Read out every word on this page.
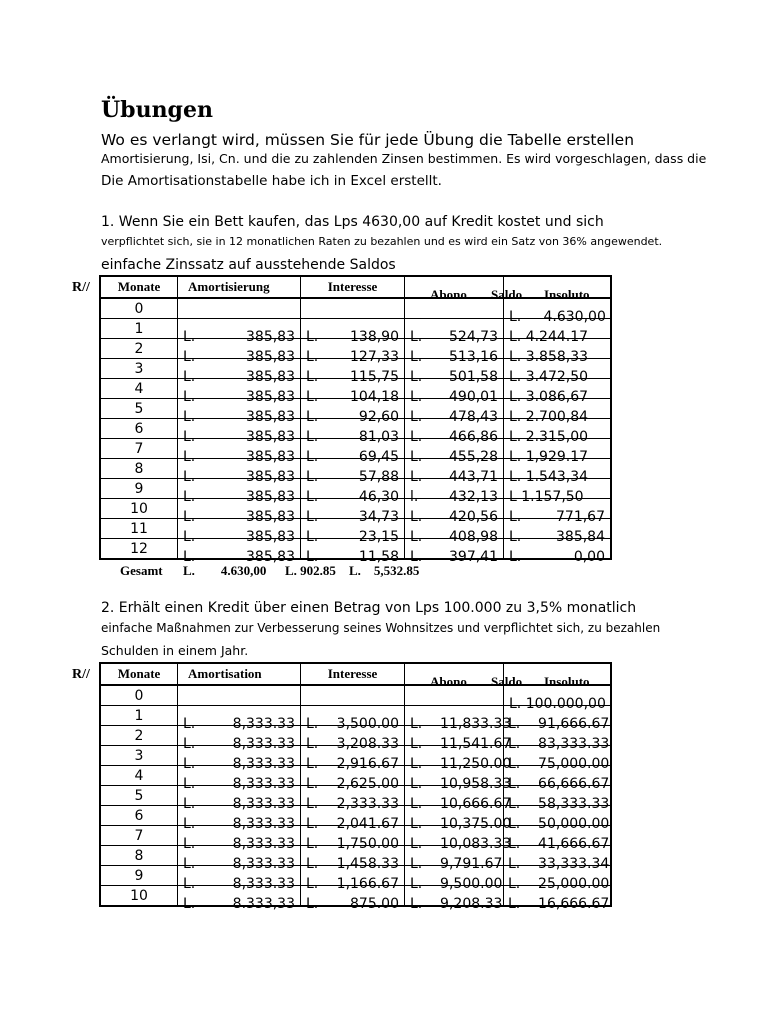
Übungen
Wo es verlangt wird, müssen Sie für jede Übung die Tabelle erstellen
Amortisierung, Isi, Cn. und die zu zahlenden Zinsen bestimmen. Es wird vorgeschlagen, dass die
Die Amortisationstabelle habe ich in Excel erstellt.
1. Wenn Sie ein Bett kaufen, das Lps 4630,00 auf Kredit kostet und sich
verpflichtet sich, sie in 12 monatlichen Raten zu bezahlen und es wird ein Satz von 36% angewendet.
einfache Zinssatz auf ausstehende Saldos
R// Monate	Amortisierung	Interesse	Abono Saldo	Insoluto

0				L.     4.630,00

1	L. 385,83	L. 138,90	L. 524,73	L. 4.244.17

2	L. 385,83	L. 127,33	L. 513,16	L. 3.858,33

3	L. 385,83	L. 115,75	L. 501,58	L. 3.472,50

4	L. 385,83	L. 104,18	L. 490,01	L. 3.086,67

5	L. 385,83	L. 92,60	L. 478,43	L. 2.700,84

6	L. 385,83	L. 81,03	L. 466,86	L. 2.315,00

7	L. 385,83	L. 69,45	L. 455,28	L. 1,929.17

8	L. 385,83	L. 57,88	L. 443,71	L. 1.543,34

9	L. 385,83	L. 46,30	l. 432,13	L 1.157,50

10	L. 385,83	L. 34,73	L. 420,56	L. 771,67

11	L. 385,83	L. 23,15	L. 408,98	L. 385,84

12	L. 385,83	L. 11,58	L. 397,41	L. 0,00
Gesamt L.        4.630,00 L. 902.85 L.    5,532.85
2. Erhält einen Kredit über einen Betrag von Lps 100.000 zu 3,5% monatlich
einfache Maßnahmen zur Verbesserung seines Wohnsitzes und verpflichtet sich, zu bezahlen
Schulden in einem Jahr.
R// Monate	Amortisation	Interesse	Abono Saldo	Insoluto

0				L. 100.000,00

1	L. 8,333.33	L. 3,500.00	L.    11,833.33	L.    91,666.67

2	L. 8,333.33	L. 3,208.33	L.    11,541.67	L.    83,333.33

3	L. 8,333.33	L. 2,916.67	L.    11,250.00	L.    75,000.00

4	L. 8,333.33	L. 2,625.00	L.    10,958.33	L.    66,666.67

5	L. 8,333.33	L. 2,333.33	L.    10,666.67	L.    58,333.33

6	L. 8,333.33	L. 2,041.67	L.    10,375.00	L.    50,000.00

7	L. 8,333.33	L. 1,750.00	L.    10,083.33	L.    41,666.67

8	L. 8,333.33	L. 1,458.33	L.    9,791.67	L.    33,333.34

9	L. 8,333.33	L. 1,166.67	L.    9,500.00	L.    25,000.00

10	L. 8.333,33	L. 875.00	L.    9,208.33	L.    16,666.67
